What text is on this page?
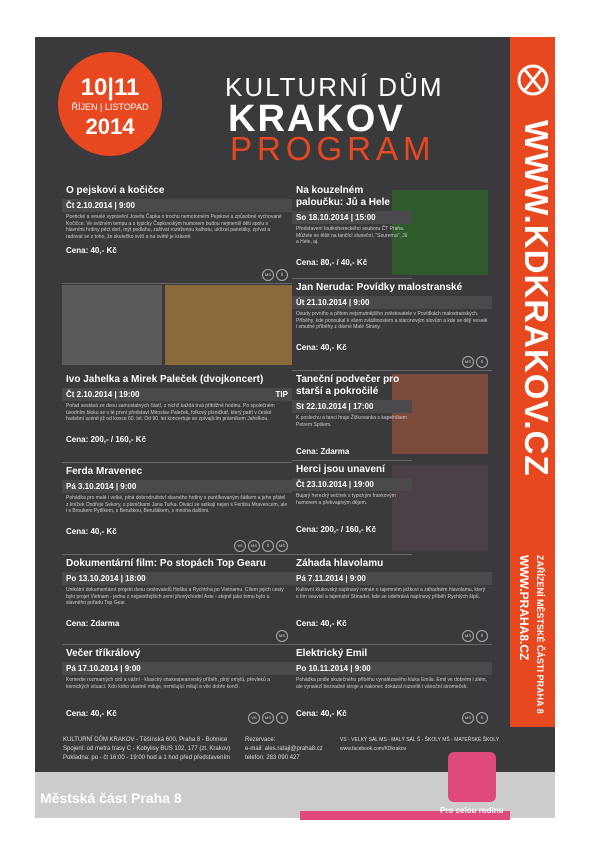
WWW.KDKRAKOV.CZ
WWW.PRAHA8.CZ ZAŘÍZENÍ MĚSTSKÉ ČÁSTI PRAHA 8
10|11
ŘÍJEN | LISTOPAD
2014
KULTURNÍ DŮM
KRAKOV
PROGRAM
O pejskovi a kočičce
Čt 2.10.2014 | 9:00
Poetické a veselé vyprávění Josefa Čapka o trochu nemotorném Pejskovi a způsobné vychované Kočičce. Ve svižném tempu a s typicky Čapkovským humorem budou nejmenší děti spolu s hlavními hrdiny péct dort, mýt podlahu, zašívat roztrženou kalhotu, uklízet paneláky, zpívat a radovat se z toho, že skutečko svítí a na světě je krásně.
Cena: 40,- Kč
MS Š
Ivo Jahelka a Mirek Paleček (dvojkoncert)
Čt 2.10.2014 | 19:00	TIP
Pořad sestává ze dvou samostatných částí, z nichž každá trvá přibližně hodinu. Po společném úvodním bloku se v té první představí Miroslav Paleček, folkový písničkář, který patří v české hudební scéně již od konce 60. let. Od 90. let koncertuje se zpívajícím právníkem Jahelkou.
Cena: 200,- / 160,- Kč
Ferda Mravenec
Pá 3.10.2014 | 9:00
Pohádka pro malé i velké, plná dobrodružství slavného hrdiny s puntíkovaným šátkem a jeho přátel z knížek Ondřeje Sekory, s písničkami Jana Turka. Diváci se setkají nejen s Ferdou Mravencem, ale i s Broukem Pytlíkem, s Beruškou, Berušákem, s mnoha dalšími.
Cena: 40,- Kč
VS MS Š MŠ
Dokumentární film: Po stopách Top Gearu
Po 13.10.2014 | 18:00
Unikátní dokumentární projekt dvou cestovatelů Hoška a Rychtrha po Vietnamu. Cílem jejich cesty bylo projet Vietnam - jednu z nejpestřejších zemí jihovýchodní Asie - stejně jako tomu bylo u slavného pořadu Top Gear.
Cena: Zdarma
MS
Večer tříkrálový
Pá 17.10.2014 | 9:00
Komedie rozmarných citů a vášní - klasický shakespearovský příběh, plný omylů, převleků a komických situací. Kdo koho vlastně miluje, nemilující milují a vše dobře končí.
Cena: 40,- Kč	VS MS Š
Na kouzelném paloučku: Jů a Hele
So 18.10.2014 | 15:00
Představení loutkohereckého souboru ČT Praha. Můžete se těšit na tančící sluneční, “Sourerna”, Jů a Hele, aj.
Cena: 80,- / 40,- Kč
Jan Neruda: Povídky malostranské
Út 21.10.2014 | 9:00
Osudy prvního a přitom nejsmutnějšího zvěstovatele v Povídkách malostranských. Příběhy, kde ponoukal k všem zvláštnostem a staronovým slovům a kde se dějí veselé i smutné příběhy z dávné Malé Strany.
Cena: 40,- Kč
MS Š
Taneční podvečer pro starší a pokročilé
St 22.10.2014 | 17:00
K poslechu a tanci hraje Žižkovanka s kapelníkem Petrem Spišem.
Cena: Zdarma
Herci jsou unavení
Čt 23.10.2014 | 19:00
Bujarý herecký večírek s typickým frankovým humorem a překvapivým dějem.
Cena: 200,- / 160,- Kč
Záhada hlavolamu
Pá 7.11.2014 | 9:00
Kultovní klukovský napínavý román o tajemném ježkovi a záhadném hlavolamu, který s tím souvisí a tajemství Stínadel, kde se odehrává napínavý příběh Rychlých šípů.
Cena: 40,- Kč
MS Š
Elektrický Emil
Po 10.11.2014 | 9:00
Pohádka podle skutečného příběhu vynalézavého kluka Emila. Emil ve dobrém i zlém, ale vynalezl bezvadné stroje a nakonec dokázal rozsvítit i vánoční stromeček.
Cena: 40,- Kč	MS Š
KULTURNÍ DŮM KRAKOV - Těšínská 600, Praha 8 - Bohnice
Spojení: od metra trasy C - Kobylisy BUS 102, 177 (zt. Krakov)
Pokladna: po - čt 16:00 - 19:00 hod a 1 hod před představením
Rezervace:
e-mail: ales.ratajl@praha8.cz
telefon: 283 090 427
VS - VELKÝ SÁL MS - MALÝ SÁL Š - ŠKOLY MŠ - MATEŘSKÉ ŠKOLY
www.facebook.com/KDkrakov
Městská část Praha 8
Pro celou rodinu
